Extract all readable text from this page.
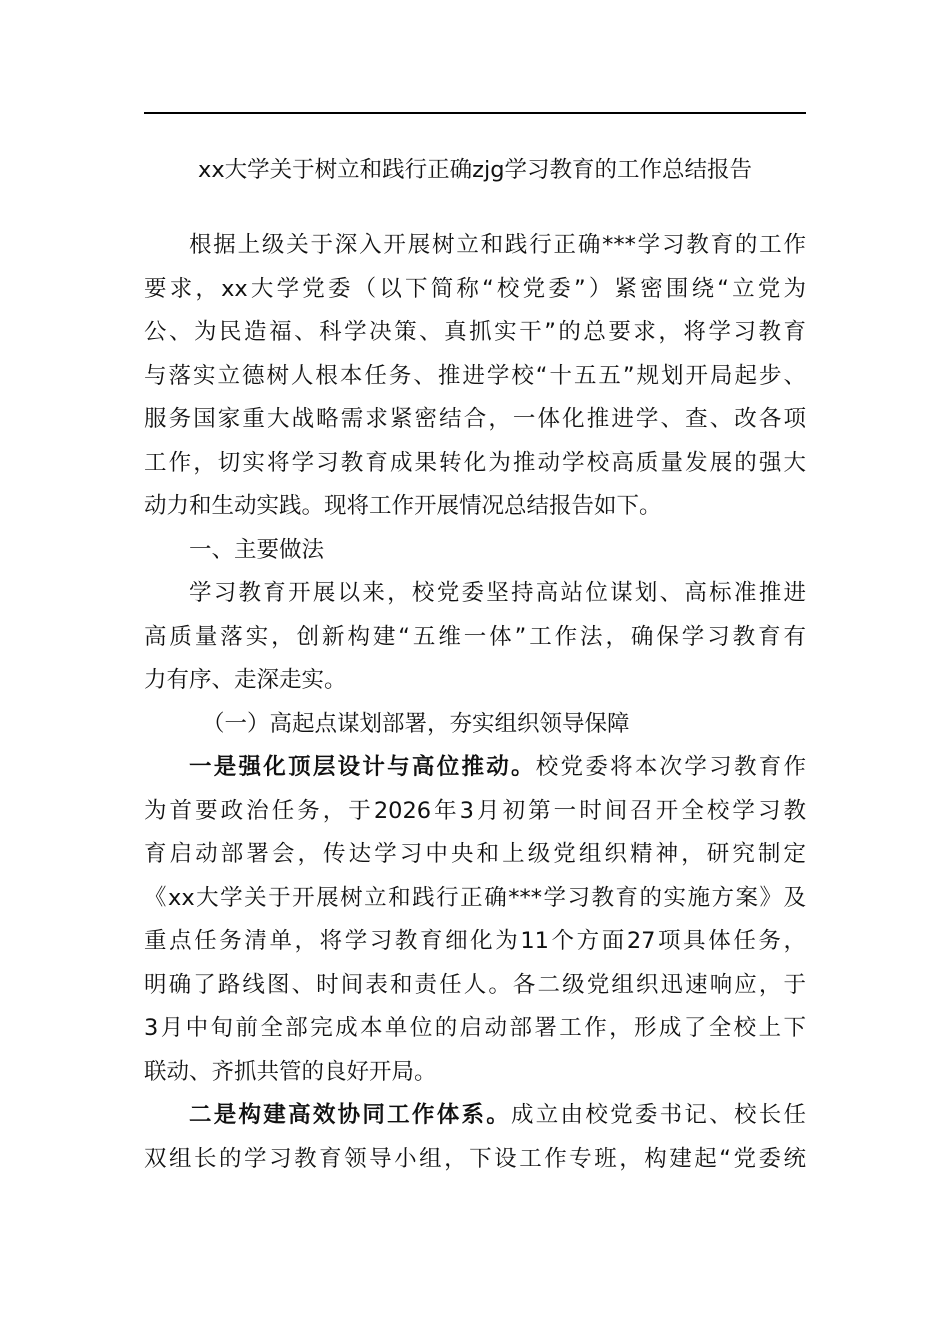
xx大学关于树立和践行正确zjg学习教育的工作总结报告
根据上级关于深入开展树立和践行正确***学习教育的工作
要求，xx大学党委（以下简称“校党委”）紧密围绕“立党为
公、为民造福、科学决策、真抓实干”的总要求，将学习教育
与落实立德树人根本任务、推进学校“十五五”规划开局起步、
服务国家重大战略需求紧密结合，一体化推进学、查、改各项
工作，切实将学习教育成果转化为推动学校高质量发展的强大
动力和生动实践。现将工作开展情况总结报告如下。

一、主要做法

学习教育开展以来，校党委坚持高站位谋划、高标准推进
高质量落实，创新构建“五维一体”工作法，确保学习教育有
力有序、走深走实。

（一）高起点谋划部署，夯实组织领导保障

一是强化顶层设计与高位推动。校党委将本次学习教育作
为首要政治任务，于2026年3月初第一时间召开全校学习教
育启动部署会，传达学习中央和上级党组织精神，研究制定
《xx大学关于开展树立和践行正确***学习教育的实施方案》及
重点任务清单，将学习教育细化为11个方面27项具体任务，
明确了路线图、时间表和责任人。各二级党组织迅速响应，于
3月中旬前全部完成本单位的启动部署工作，形成了全校上下
联动、齐抓共管的良好开局。
二是构建高效协同工作体系。成立由校党委书记、校长任
双组长的学习教育领导小组，下设工作专班，构建起“党委统
